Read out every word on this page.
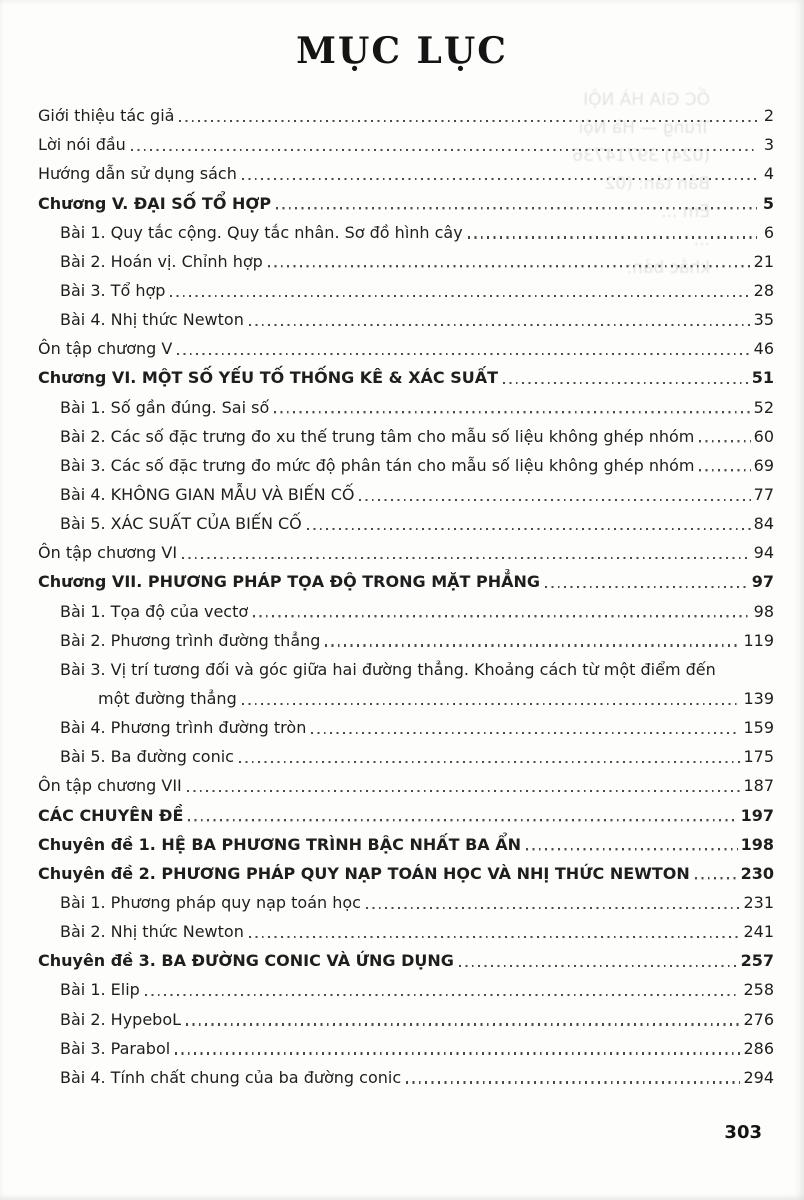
ỐC GIA HÀ NỘI
Trung — Hà Nội
(024) 39714736
Bản tán: (02
Em ...
...
khắc bản:
MỤC LỤC
Giới thiệu tác giả	2
Lời nói đầu	3
Hướng dẫn sử dụng sách	4
Chương V. ĐẠI SỐ TỔ HỢP	5
Bài 1. Quy tắc cộng. Quy tắc nhân. Sơ đồ hình cây	6
Bài 2. Hoán vị. Chỉnh hợp	21
Bài 3. Tổ hợp	28
Bài 4. Nhị thức Newton	35
Ôn tập chương V	46
Chương VI. MỘT SỐ YẾU TỐ THỐNG KÊ & XÁC SUẤT	51
Bài 1. Số gần đúng. Sai số	52
Bài 2. Các số đặc trưng đo xu thế trung tâm cho mẫu số liệu không ghép nhóm	60
Bài 3. Các số đặc trưng đo mức độ phân tán cho mẫu số liệu không ghép nhóm	69
Bài 4. KHÔNG GIAN MẪU VÀ BIẾN CỐ	77
Bài 5. XÁC SUẤT CỦA BIẾN CỐ	84
Ôn tập chương VI	94
Chương VII. PHƯƠNG PHÁP TỌA ĐỘ TRONG MẶT PHẲNG	97
Bài 1. Tọa độ của vectơ	98
Bài 2. Phương trình đường thẳng	119
Bài 3. Vị trí tương đối và góc giữa hai đường thẳng. Khoảng cách từ một điểm đến
một đường thẳng	139
Bài 4. Phương trình đường tròn	159
Bài 5. Ba đường conic	175
Ôn tập chương VII	187
CÁC CHUYÊN ĐỀ	197
Chuyên đề 1. HỆ BA PHƯƠNG TRÌNH BẬC NHẤT BA ẨN	198
Chuyên đề 2. PHƯƠNG PHÁP QUY NẠP TOÁN HỌC VÀ NHỊ THỨC NEWTON	230
Bài 1. Phương pháp quy nạp toán học	231
Bài 2. Nhị thức Newton	241
Chuyên đề 3. BA ĐƯỜNG CONIC VÀ ỨNG DỤNG	257
Bài 1. Elip	258
Bài 2. HypeboL	276
Bài 3. Parabol	286
Bài 4. Tính chất chung của ba đường conic	294
303
